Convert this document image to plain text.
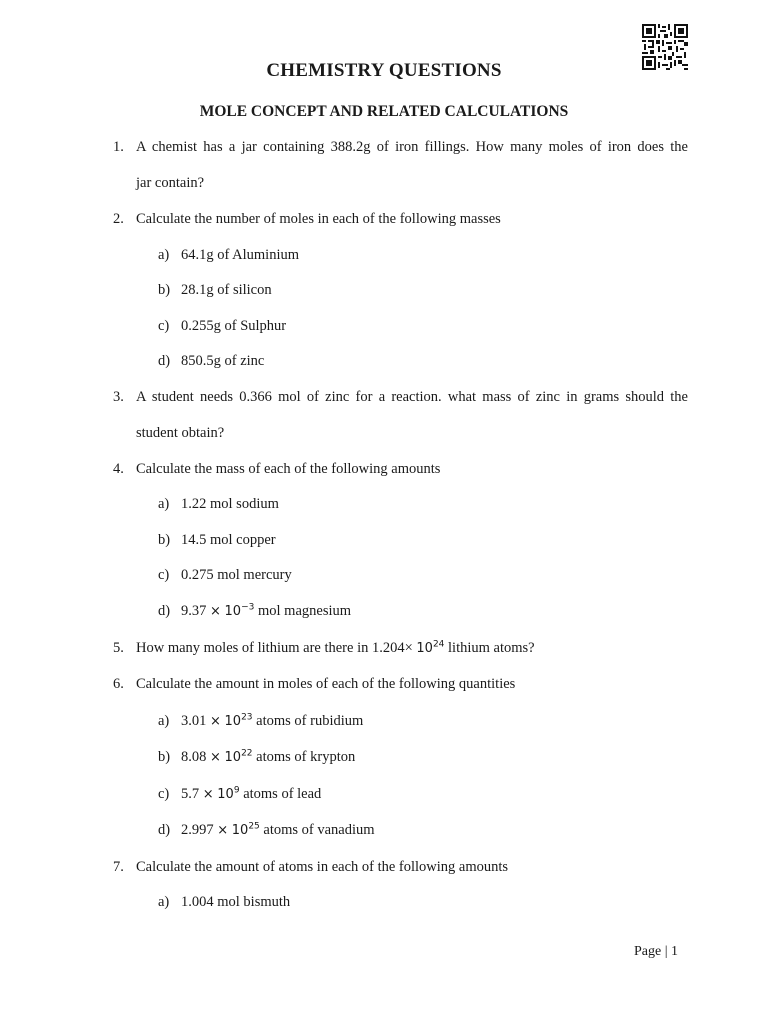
CHEMISTRY QUESTIONS
MOLE CONCEPT AND RELATED CALCULATIONS
1. A chemist has a jar containing 388.2g of iron fillings. How many moles of iron does the
jar contain?
2. Calculate the number of moles in each of the following masses
a) 64.1g of Aluminium
b) 28.1g of silicon
c) 0.255g of Sulphur
d) 850.5g of zinc
3. A student needs 0.366 mol of zinc for a reaction. what mass of zinc in grams should the
student obtain?
4. Calculate the mass of each of the following amounts
a) 1.22 mol sodium
b) 14.5 mol copper
c) 0.275 mol mercury
d) $9.37 \times 10^{-3}$ mol magnesium
5. How many moles of lithium are there in $1.204\times 10^{24}$ lithium atoms?
6. Calculate the amount in moles of each of the following quantities
a) $3.01 \times 10^{23}$ atoms of rubidium
b) $8.08 \times 10^{22}$ atoms of krypton
c) $5.7 \times 10^9$ atoms of lead
d) $2.997 \times 10^{25}$ atoms of vanadium
7. Calculate the amount of atoms in each of the following amounts
a) 1.004 mol bismuth
Page | 1
